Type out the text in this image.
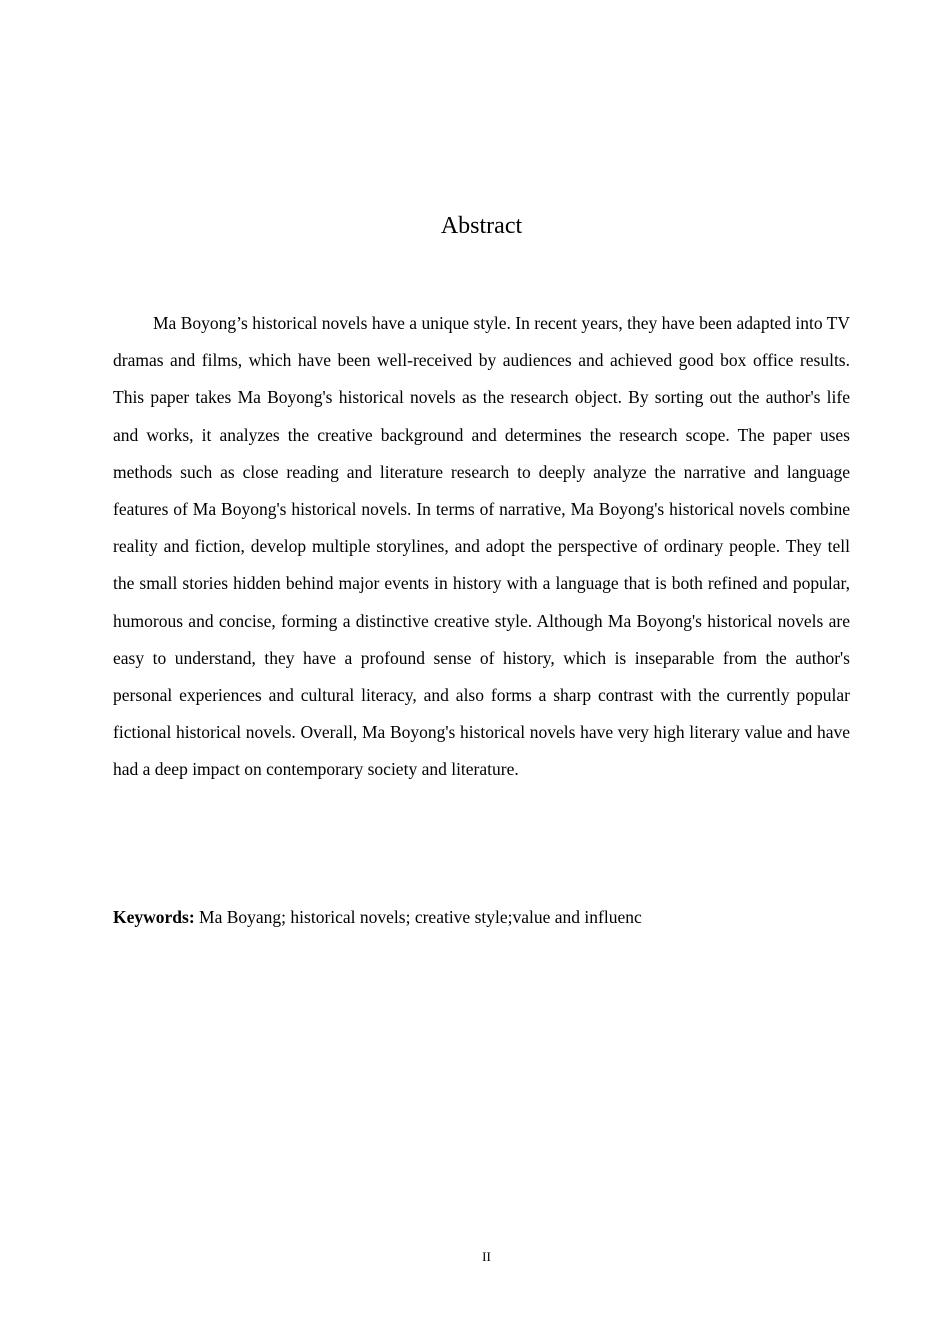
Abstract

Ma Boyong’s historical novels have a unique style. In recent years, they have been adapted into TV dramas and films, which have been well-received by audiences and achieved good box office results. This paper takes Ma Boyong's historical novels as the research object. By sorting out the author's life and works, it analyzes the creative background and determines the research scope. The paper uses methods such as close reading and literature research to deeply analyze the narrative and language features of Ma Boyong's historical novels. In terms of narrative, Ma Boyong's historical novels combine reality and fiction, develop multiple storylines, and adopt the perspective of ordinary people. They tell the small stories hidden behind major events in history with a language that is both refined and popular, humorous and concise, forming a distinctive creative style. Although Ma Boyong's historical novels are easy to understand, they have a profound sense of history, which is inseparable from the author's personal experiences and cultural literacy, and also forms a sharp contrast with the currently popular fictional historical novels. Overall, Ma Boyong's historical novels have very high literary value and have had a deep impact on contemporary society and literature.

Keywords: Ma Boyang; historical novels; creative style;value and influenc

II
